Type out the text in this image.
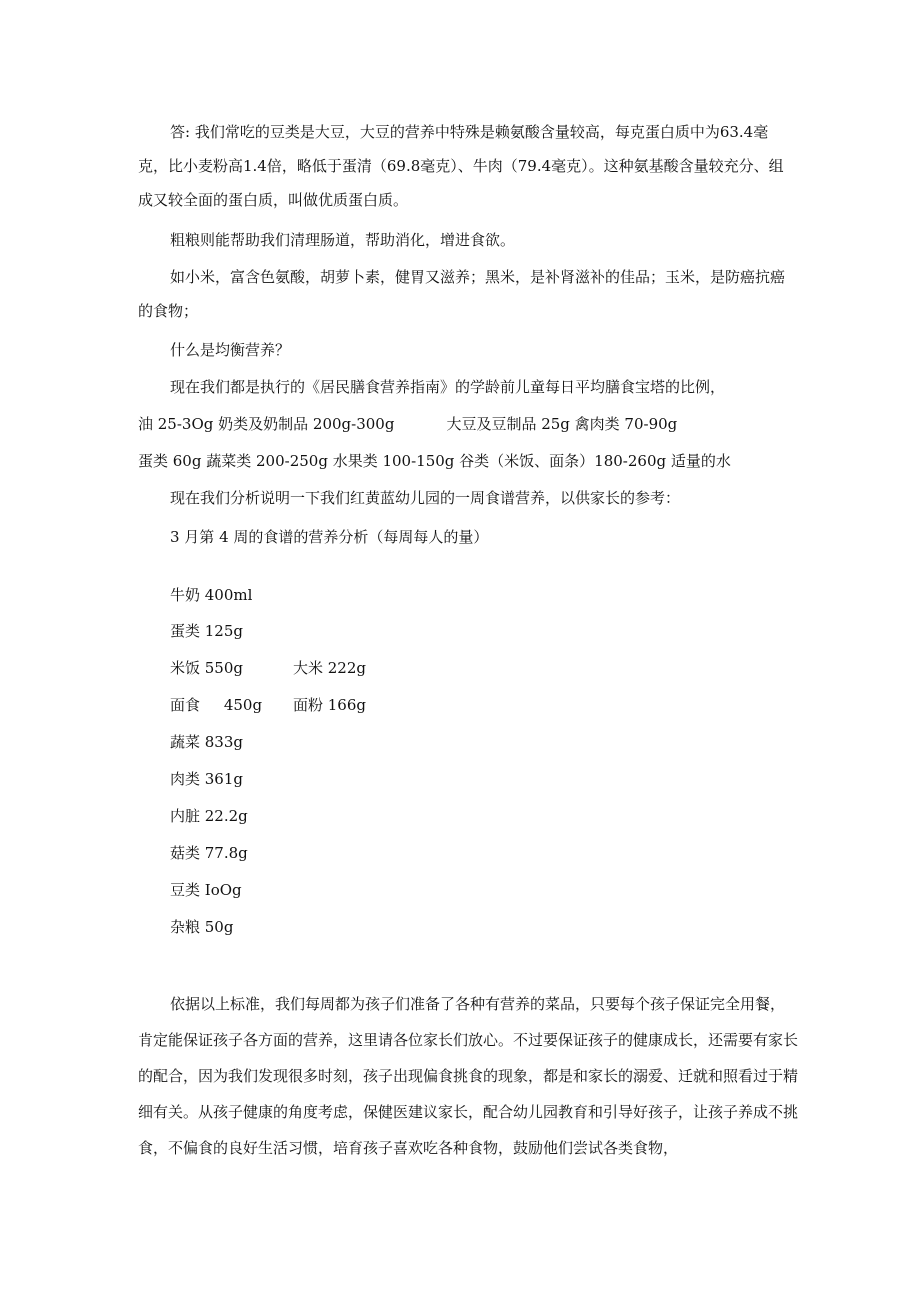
答: 我们常吃的豆类是大豆，大豆的营养中特殊是赖氨酸含量较高，每克蛋白质中为63.4毫克，比小麦粉高1.4倍，略低于蛋清（69.8毫克）、牛肉（79.4毫克）。这种氨基酸含量较充分、组成又较全面的蛋白质，叫做优质蛋白质。

粗粮则能帮助我们清理肠道，帮助消化，增进食欲。

如小米，富含色氨酸，胡萝卜素，健胃又滋养；黑米，是补肾滋补的佳品；玉米，是防癌抗癌的食物；

什么是均衡营养？

现在我们都是执行的《居民膳食营养指南》的学龄前儿童每日平均膳食宝塔的比例，

油 25-3Og 奶类及奶制品 200g-300g	大豆及豆制品 25g 禽肉类 70-90g

蛋类 60g 蔬菜类 200-250g 水果类 100-150g 谷类（米饭、面条）180-260g 适量的水

现在我们分析说明一下我们红黄蓝幼儿园的一周食谱营养，以供家长的参考：

3 月第 4 周的食谱的营养分析（每周每人的量）

牛奶 400ml
蛋类 125g
米饭 550g	大米 222g
面食     450g 面粉 166g
蔬菜 833g
肉类 361g
内脏 22.2g
菇类 77.8g
豆类 IoOg
杂粮 50g

依据以上标准，我们每周都为孩子们准备了各种有营养的菜品，只要每个孩子保证完全用餐，肯定能保证孩子各方面的营养，这里请各位家长们放心。不过要保证孩子的健康成长，还需要有家长的配合，因为我们发现很多时刻，孩子出现偏食挑食的现象，都是和家长的溺爱、迁就和照看过于精细有关。从孩子健康的角度考虑，保健医建议家长，配合幼儿园教育和引导好孩子，让孩子养成不挑食，不偏食的良好生活习惯，培育孩子喜欢吃各种食物，鼓励他们尝试各类食物，
